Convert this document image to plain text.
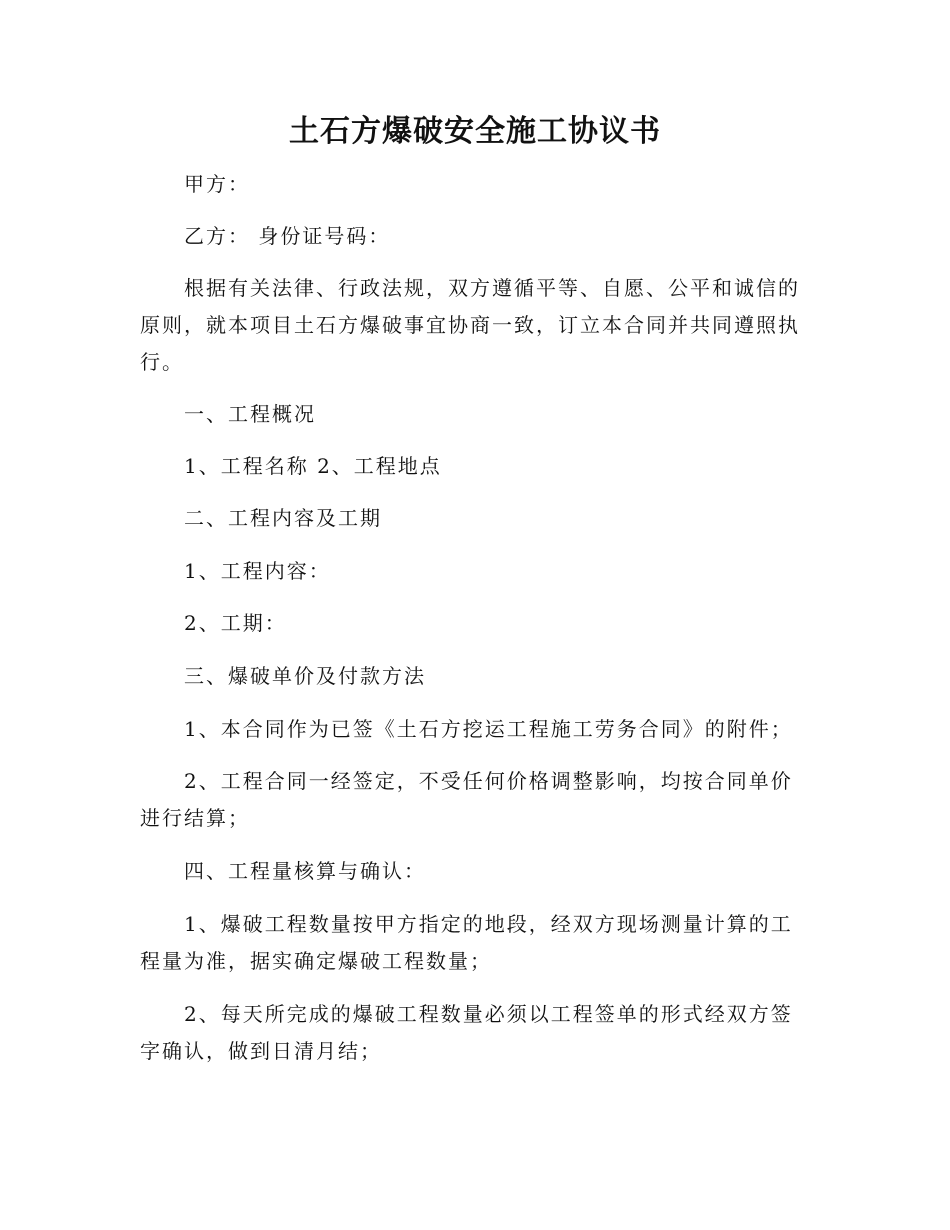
土石方爆破安全施工协议书

甲方：

乙方： 身份证号码：

根据有关法律、行政法规，双方遵循平等、自愿、公平和诚信的原则，就本项目土石方爆破事宜协商一致，订立本合同并共同遵照执行。

一、工程概况

1、工程名称 2、工程地点

二、工程内容及工期

1、工程内容：

2、工期：

三、爆破单价及付款方法

1、本合同作为已签《土石方挖运工程施工劳务合同》的附件；

2、工程合同一经签定，不受任何价格调整影响，均按合同单价进行结算；

四、工程量核算与确认：

1、爆破工程数量按甲方指定的地段，经双方现场测量计算的工程量为准，据实确定爆破工程数量；

2、每天所完成的爆破工程数量必须以工程签单的形式经双方签字确认，做到日清月结；
